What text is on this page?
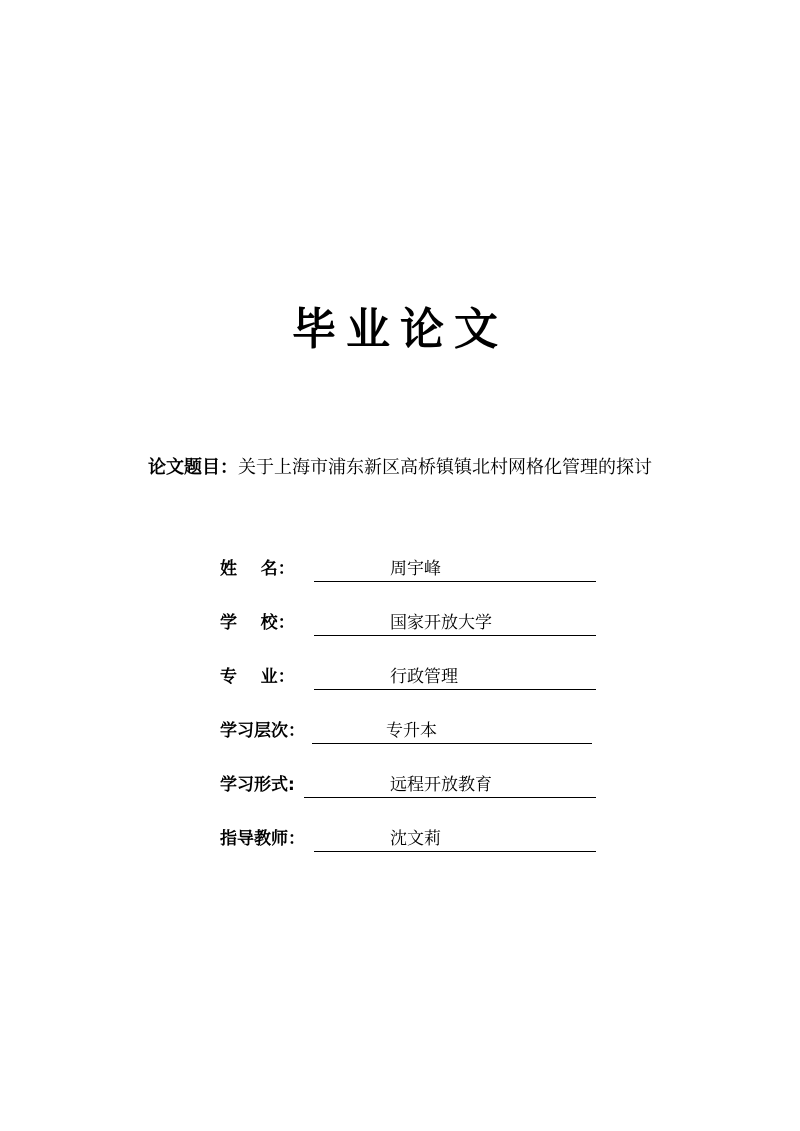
毕业论文
论文题目：关于上海市浦东新区高桥镇镇北村网格化管理的探讨
姓    名：	周宇峰
学    校：	国家开放大学
专    业：	行政管理
学习层次：	专升本
学习形式:	远程开放教育
指导教师：	沈文莉
